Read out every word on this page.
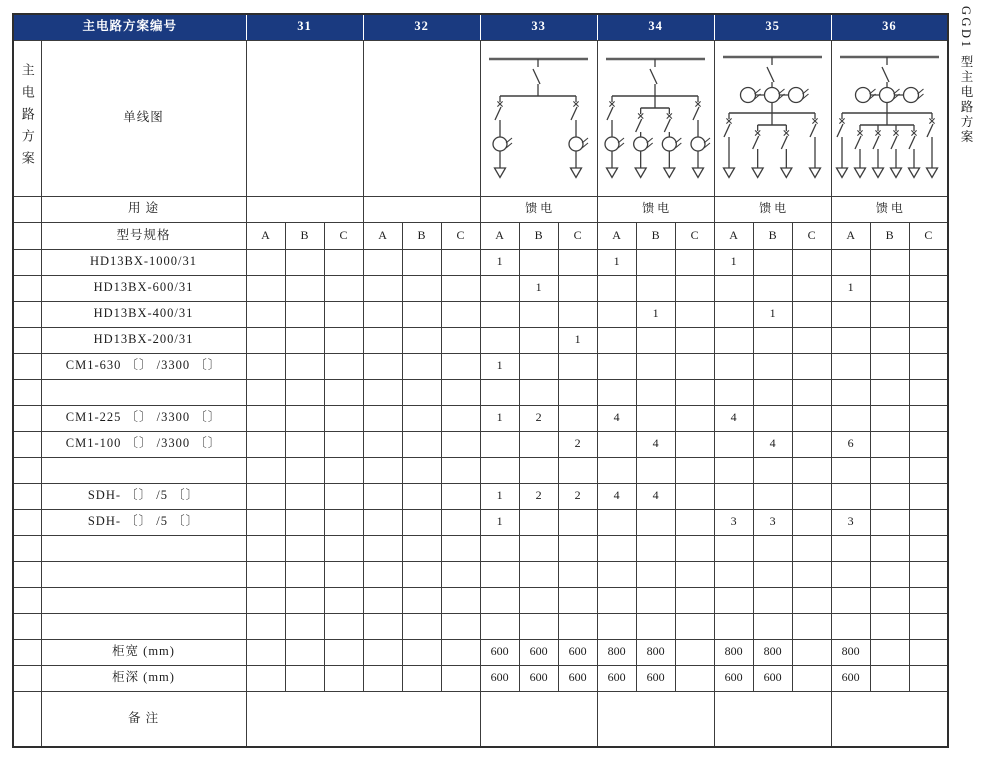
主电路方案编号		31			32			33			34			35			36		

主电路方案	单线图			

	用 途							馈 电			馈 电			馈 电			馈 电		
	型号规格	A	B	C	A	B	C	A	B	C	A	B	C	A	B	C	A	B	C
	HD13BX-1000/31							1			1			1					
	HD13BX-600/31								1								1		
	HD13BX-400/31											1			1				
	HD13BX-200/31									1									
	CM1-630 〔〕 /3300 〔〕							1											

	CM1-225 〔〕 /3300 〔〕							1	2		4			4					
	CM1-100 〔〕 /3300 〔〕									2		4			4		6		

	SDH- 〔〕 /5 〔〕							1	2	2	4	4							
	SDH- 〔〕 /5 〔〕							1						3	3		3		

	柜宽 (mm)							600	600	600	800	800		800	800		800		
	柜深 (mm)							600	600	600	600	600		600	600		600		
	备 注																		
GGD1 型主电路方案
